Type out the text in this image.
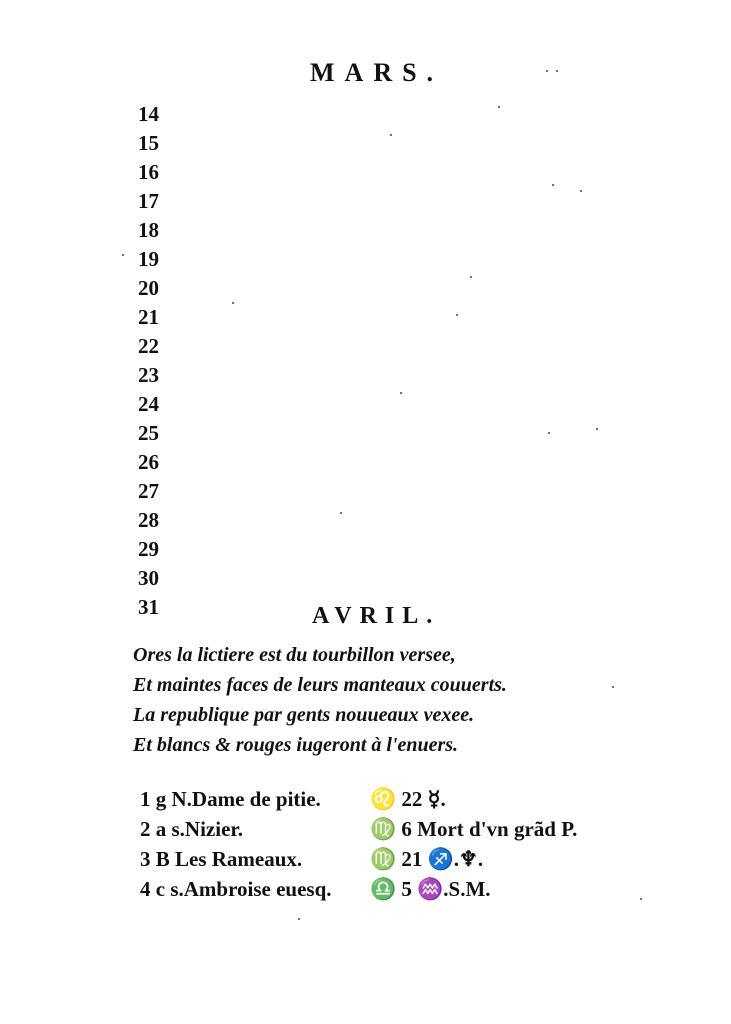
MARS.
14
15
16
17
18
19
20
21
22
23
24
25
26
27
28
29
30
31	AVRIL.
Ores la lictiere est du tourbillon versee,
Et maintes faces de leurs manteaux couuerts.
La republique par gents nouueaux vexee.
Et blancs & rouges iugeront à l'enuers.
1 g N.Dame de pitie. ♌ 22 ☿.
2 a s.Nizier.	♍ 6 Mort d'vn grãd P.
3 B Les Rameaux.	♍ 21 ♐.♆.
4 c s.Ambroise euesq. ♎ 5 ♒.S.M.
